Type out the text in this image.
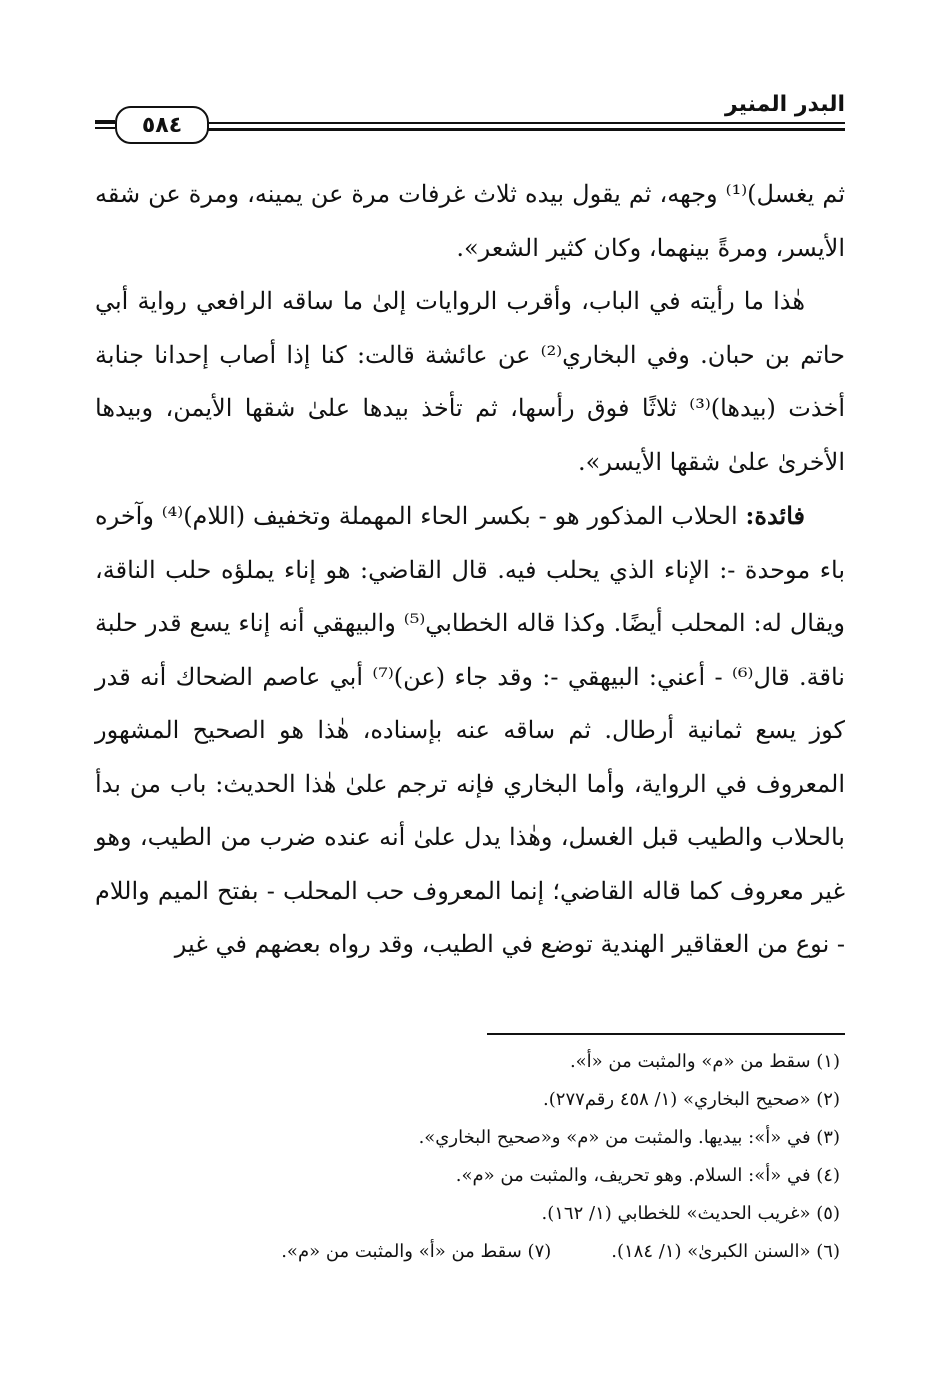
البدر المنير
٥٨٤

ثم يغسل)⁽¹⁾ وجهه، ثم يقول بيده ثلاث غرفات مرة عن يمينه، ومرة عن شقه الأيسر، ومرةً بينهما، وكان كثير الشعر».

هٰذا ما رأيته في الباب، وأقرب الروايات إلىٰ ما ساقه الرافعي رواية أبي حاتم بن حبان. وفي البخاري⁽²⁾ عن عائشة قالت: كنا إذا أصاب إحدانا جنابة أخذت (بيدها)⁽³⁾ ثلاثًا فوق رأسها، ثم تأخذ بيدها علىٰ شقها الأيمن، وبيدها الأخرىٰ علىٰ شقها الأيسر».

فائدة: الحلاب المذكور هو - بكسر الحاء المهملة وتخفيف (اللام)⁽⁴⁾ وآخره باء موحدة -: الإناء الذي يحلب فيه. قال القاضي: هو إناء يملؤه حلب الناقة، ويقال له: المحلب أيضًا. وكذا قاله الخطابي⁽⁵⁾ والبيهقي أنه إناء يسع قدر حلبة ناقة. قال⁽⁶⁾ - أعني: البيهقي -: وقد جاء (عن)⁽⁷⁾ أبي عاصم الضحاك أنه قدر كوز يسع ثمانية أرطال. ثم ساقه عنه بإسناده، هٰذا هو الصحيح المشهور المعروف في الرواية، وأما البخاري فإنه ترجم علىٰ هٰذا الحديث: باب من بدأ بالحلاب والطيب قبل الغسل، وهٰذا يدل علىٰ أنه عنده ضرب من الطيب، وهو غير معروف كما قاله القاضي؛ إنما المعروف حب المحلب - بفتح الميم واللام - نوع من العقاقير الهندية توضع في الطيب، وقد رواه بعضهم في غير

(١) سقط من «م» والمثبت من «أ».

(٢) «صحيح البخاري» (١/ ٤٥٨ رقم٢٧٧).

(٣) في «أ»: بيديها. والمثبت من «م» و«صحيح البخاري».

(٤) في «أ»: السلام. وهو تحريف، والمثبت من «م».

(٥) «غريب الحديث» للخطابي (١/ ١٦٢).

(٦) «السنن الكبرىٰ» (١/ ١٨٤).
(٧) سقط من «أ» والمثبت من «م».
